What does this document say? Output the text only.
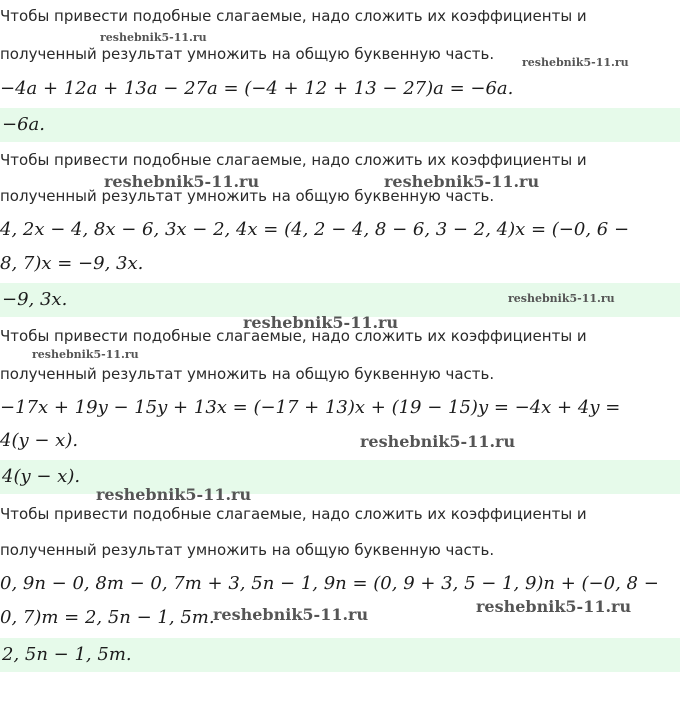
Чтобы привести подобные слагаемые, надо сложить их коэффициенты и
полученный результат умножить на общую буквенную часть.
−4a + 12a + 13a − 27a = (−4 + 12 + 13 − 27)a = −6a.
−6a.
Чтобы привести подобные слагаемые, надо сложить их коэффициенты и
полученный результат умножить на общую буквенную часть.
4, 2x − 4, 8x − 6, 3x − 2, 4x = (4, 2 − 4, 8 − 6, 3 − 2, 4)x = (−0, 6 −
8, 7)x = −9, 3x.
−9, 3x.
Чтобы привести подобные слагаемые, надо сложить их коэффициенты и
полученный результат умножить на общую буквенную часть.
−17x + 19y − 15y + 13x = (−17 + 13)x + (19 − 15)y = −4x + 4y =
4(y − x).
4(y − x).
Чтобы привести подобные слагаемые, надо сложить их коэффициенты и
полученный результат умножить на общую буквенную часть.
0, 9n − 0, 8m − 0, 7m + 3, 5n − 1, 9n = (0, 9 + 3, 5 − 1, 9)n + (−0, 8 −
0, 7)m = 2, 5n − 1, 5m.
2, 5n − 1, 5m.
reshebnik5-11.ru
reshebnik5-11.ru
reshebnik5-11.ru	reshebnik5-11.ru
reshebnik5-11.ru
reshebnik5-11.ru
reshebnik5-11.ru
reshebnik5-11.ru
reshebnik5-11.ru
reshebnik5-11.ru
reshebnik5-11.ru
